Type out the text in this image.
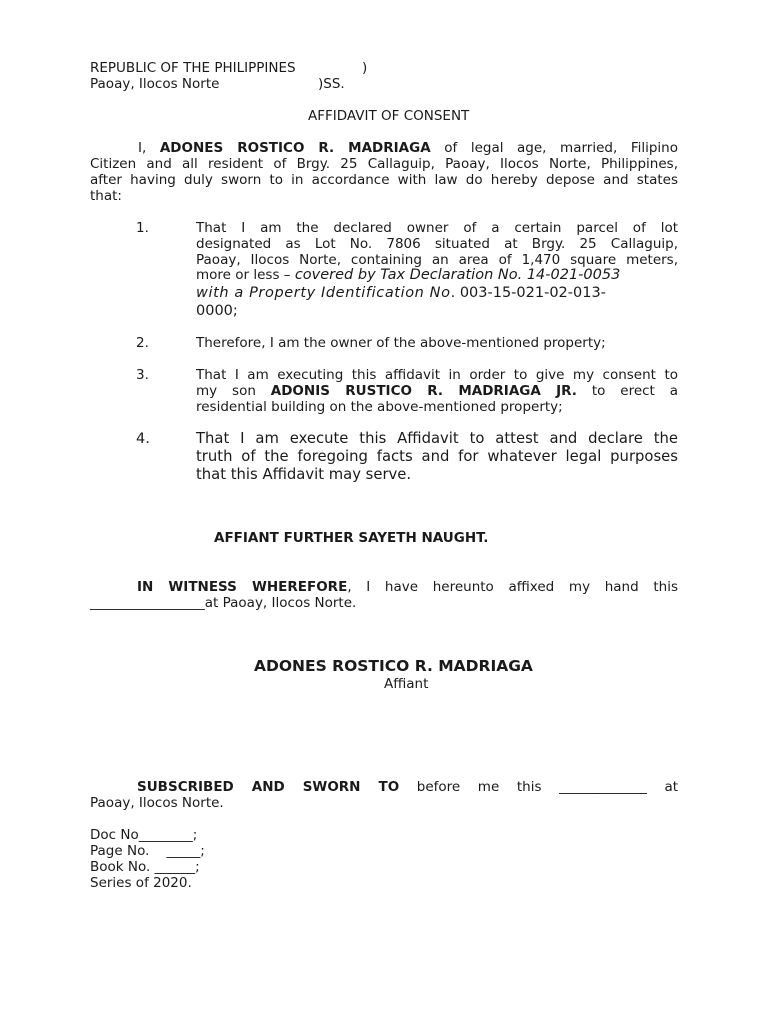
REPUBLIC OF THE PHILIPPINES	)
Paoay, Ilocos Norte	)SS.
AFFIDAVIT OF CONSENT
I, ADONES ROSTICO R. MADRIAGA of legal age, married, Filipino
Citizen and all resident of Brgy. 25 Callaguip, Paoay, Ilocos Norte, Philippines,
after having duly sworn to in accordance with law do hereby depose and states
that:
1.	That I am the declared owner of a certain parcel of lot
designated as Lot No. 7806 situated at Brgy. 25 Callaguip,
Paoay, Ilocos Norte, containing an area of 1,470 square meters,
more or less – covered by Tax Declaration No. 14-021-0053
with a Property Identification No. 003-15-021-02-013-
0000;
2.	Therefore, I am the owner of the above-mentioned property;
3.	That I am executing this affidavit in order to give my consent to
my son ADONIS RUSTICO R. MADRIAGA JR. to erect a
residential building on the above-mentioned property;
4.	That I am execute this Affidavit to attest and declare the
truth of the foregoing facts and for whatever legal purposes
that this Affidavit may serve.
AFFIANT FURTHER SAYETH NAUGHT.
IN WITNESS WHEREFORE, I have hereunto affixed my hand this
_________________at Paoay, Ilocos Norte.
ADONES ROSTICO R. MADRIAGA
Affiant
SUBSCRIBED AND SWORN TO before me this _____________ at
Paoay, Ilocos Norte.
Doc No________;
Page No.    _____;
Book No. ______;
Series of 2020.
